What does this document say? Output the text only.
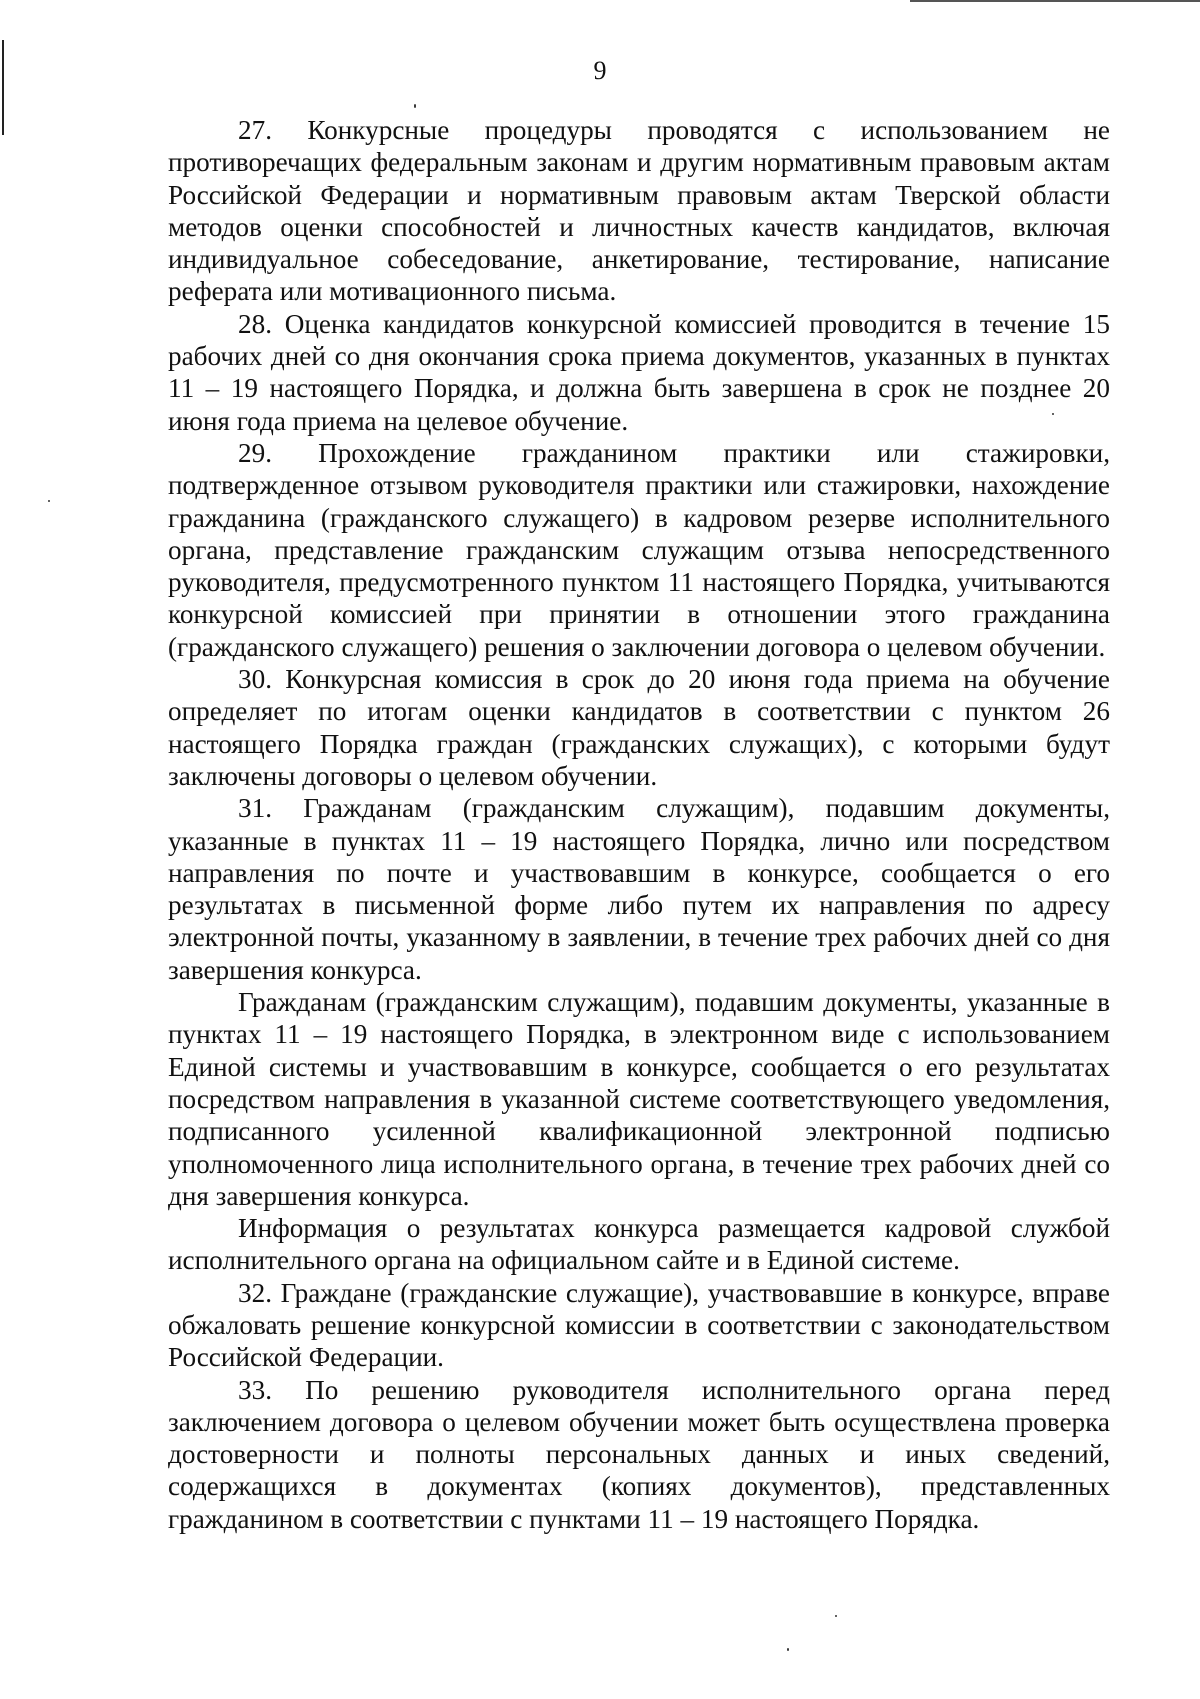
9

27. Конкурсные процедуры проводятся с использованием не противоречащих федеральным законам и другим нормативным правовым актам Российской Федерации и нормативным правовым актам Тверской области методов оценки способностей и личностных качеств кандидатов, включая индивидуальное собеседование, анкетирование, тестирование, написание реферата или мотивационного письма.

28. Оценка кандидатов конкурсной комиссией проводится в течение 15 рабочих дней со дня окончания срока приема документов, указанных в пунктах 11 – 19 настоящего Порядка, и должна быть завершена в срок не позднее 20 июня года приема на целевое обучение.

29. Прохождение гражданином практики или стажировки, подтвержденное отзывом руководителя практики или стажировки, нахождение гражданина (гражданского служащего) в кадровом резерве исполнительного органа, представление гражданским служащим отзыва непосредственного руководителя, предусмотренного пунктом 11 настоящего Порядка, учитываются конкурсной комиссией при принятии в отношении этого гражданина (гражданского служащего) решения о заключении договора о целевом обучении.

30. Конкурсная комиссия в срок до 20 июня года приема на обучение определяет по итогам оценки кандидатов в соответствии с пунктом 26 настоящего Порядка граждан (гражданских служащих), с которыми будут заключены договоры о целевом обучении.

31. Гражданам (гражданским служащим), подавшим документы, указанные в пунктах 11 – 19 настоящего Порядка, лично или посредством направления по почте и участвовавшим в конкурсе, сообщается о его результатах в письменной форме либо путем их направления по адресу электронной почты, указанному в заявлении, в течение трех рабочих дней со дня завершения конкурса.

Гражданам (гражданским служащим), подавшим документы, указанные в пунктах 11 – 19 настоящего Порядка, в электронном виде с использованием Единой системы и участвовавшим в конкурсе, сообщается о его результатах посредством направления в указанной системе соответствующего уведомления, подписанного усиленной квалификационной электронной подписью уполномоченного лица исполнительного органа, в течение трех рабочих дней со дня завершения конкурса.

Информация о результатах конкурса размещается кадровой службой исполнительного органа на официальном сайте и в Единой системе.

32. Граждане (гражданские служащие), участвовавшие в конкурсе, вправе обжаловать решение конкурсной комиссии в соответствии с законодательством Российской Федерации.

33. По решению руководителя исполнительного органа перед заключением договора о целевом обучении может быть осуществлена проверка достоверности и полноты персональных данных и иных сведений, содержащихся в документах (копиях документов), представленных гражданином в соответствии с пунктами 11 – 19 настоящего Порядка.
